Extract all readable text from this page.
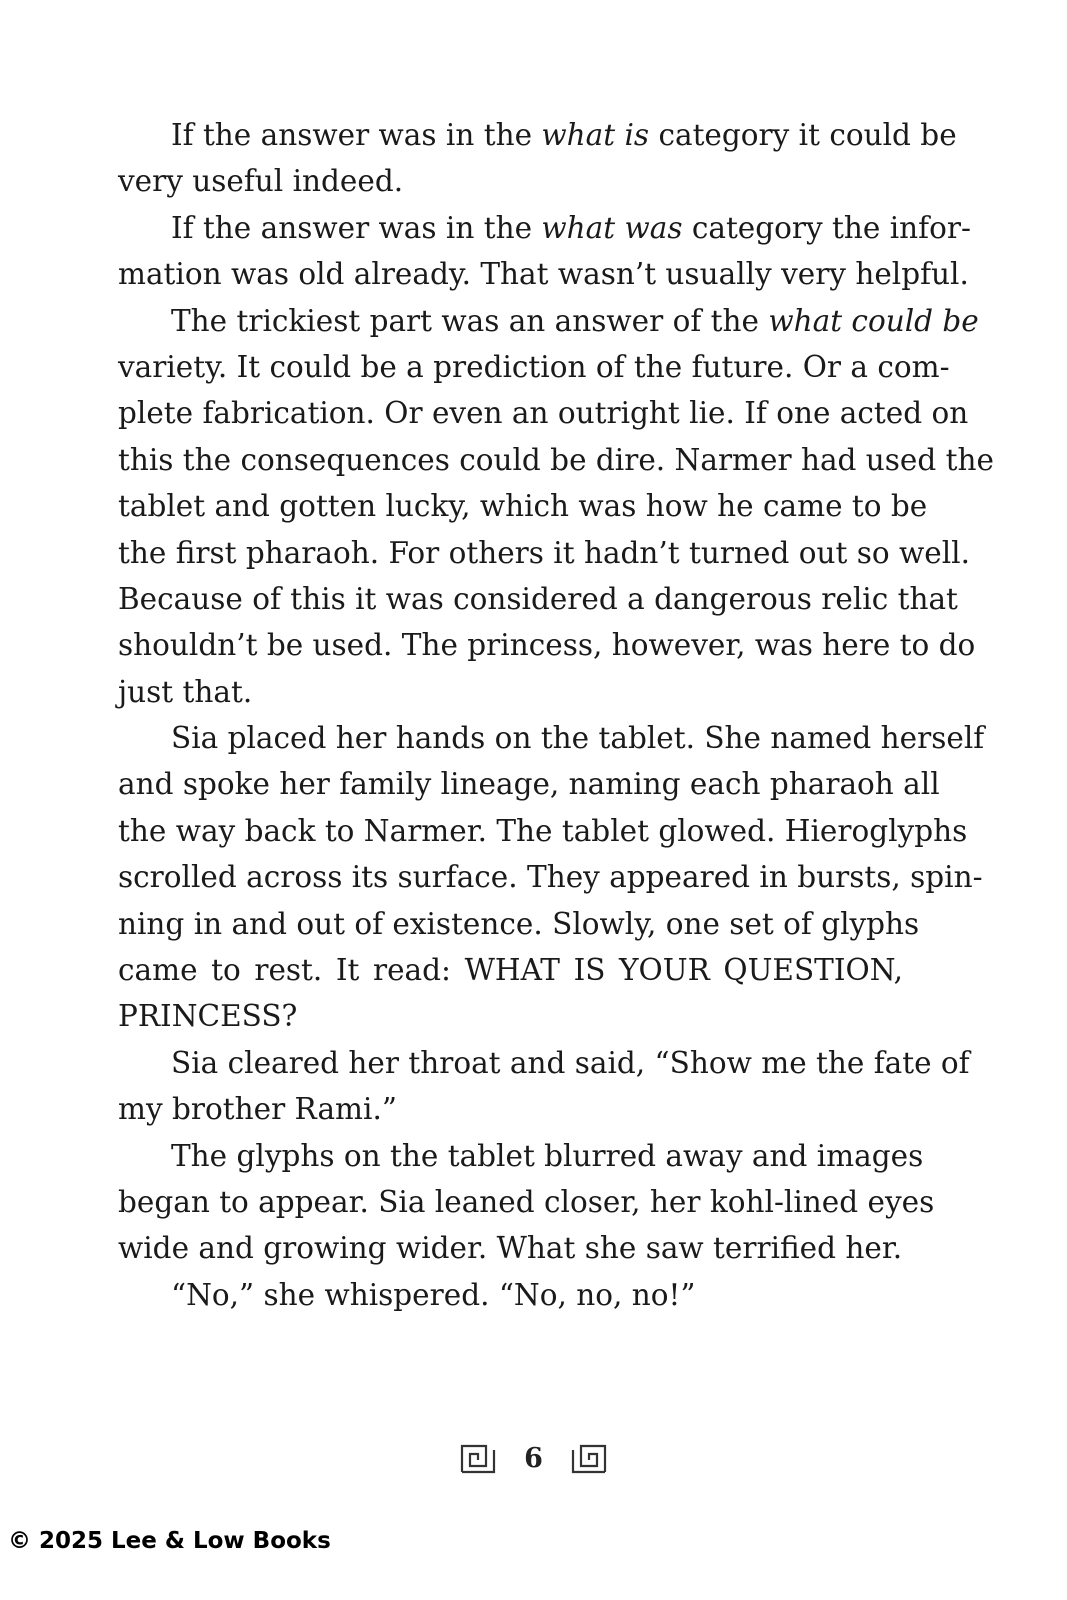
If the answer was in the what is category it could be
very useful indeed.
If the answer was in the what was category the infor-
mation was old already. That wasn’t usually very helpful.
The trickiest part was an answer of the what could be
variety. It could be a prediction of the future. Or a com-
plete fabrication. Or even an outright lie. If one acted on
this the consequences could be dire. Narmer had used the
tablet and gotten lucky, which was how he came to be
the first pharaoh. For others it hadn’t turned out so well.
Because of this it was considered a dangerous relic that
shouldn’t be used. The princess, however, was here to do
just that.
Sia placed her hands on the tablet. She named herself
and spoke her family lineage, naming each pharaoh all
the way back to Narmer. The tablet glowed. Hieroglyphs
scrolled across its surface. They appeared in bursts, spin-
ning in and out of existence. Slowly, one set of glyphs
came to rest. It read: WHAT IS YOUR QUESTION,
PRINCESS?
Sia cleared her throat and said, “Show me the fate of
my brother Rami.”
The glyphs on the tablet blurred away and images
began to appear. Sia leaned closer, her kohl-lined eyes
wide and growing wider. What she saw terrified her.
“No,” she whispered. “No, no, no!”
6
© 2025 Lee & Low Books
